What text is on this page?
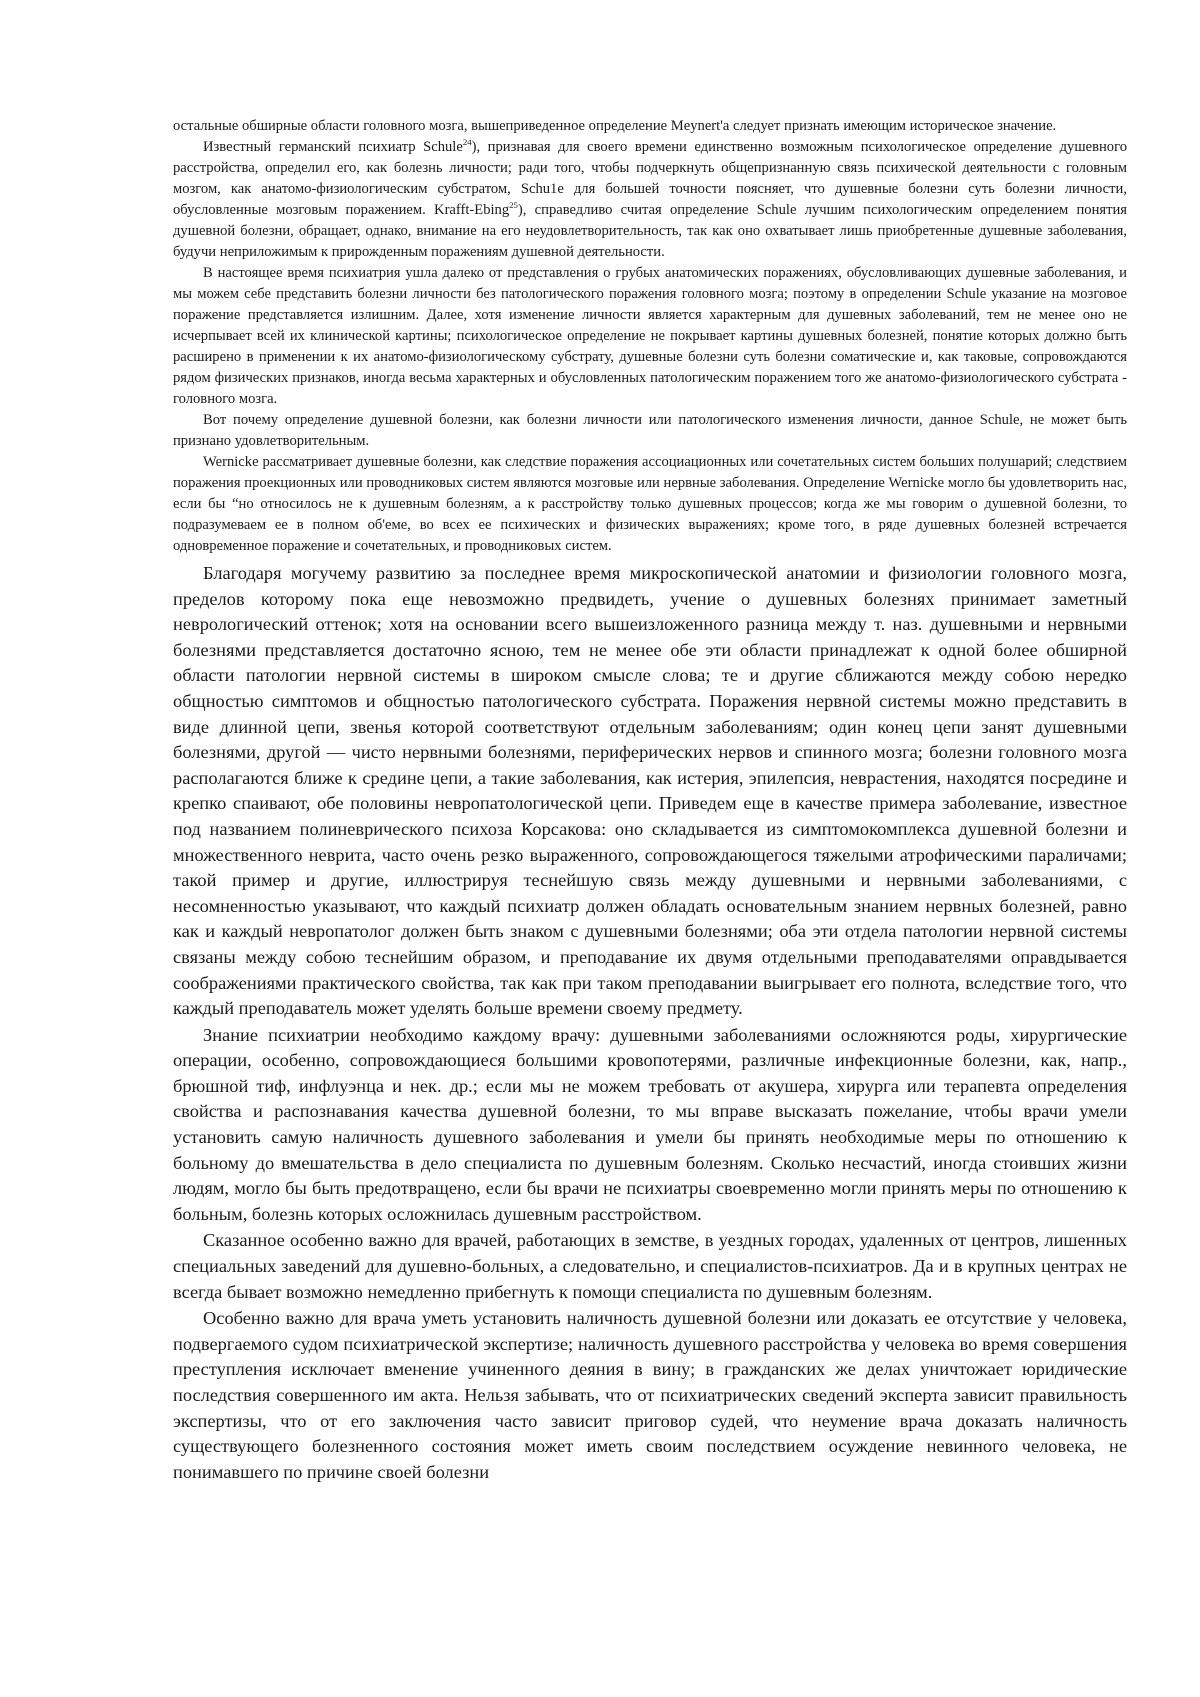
остальные обширные области головного мозга, вышеприведенное определение Meynert'a следует признать имеющим историческое значение.

Известный германский психиатр Schule$^{24}$), признавая для своего времени единственно возможным психологическое определение душевного расстройства, определил его, как болезнь личности; ради того, чтобы подчеркнуть общепризнанную связь психической деятельности с головным мозгом, как анатомо-физиологическим субстратом, Schu1e для большей точности поясняет, что душевные болезни суть болезни личности, обусловленные мозговым поражением. Krafft-Ebing$^{25}$), справедливо считая определение Schule лучшим психологическим определением понятия душевной болезни, обращает, однако, внимание на его неудовлетворительность, так как оно охватывает лишь приобретенные душевные заболевания, будучи неприложимым к прирожденным поражениям душевной деятельности.

В настоящее время психиатрия ушла далеко от представления о грубых анатомических поражениях, обусловливающих душевные заболевания, и мы можем себе представить болезни личности без патологического поражения головного мозга; поэтому в определении Schule указание на мозговое поражение представляется излишним. Далее, хотя изменение личности является характерным для душевных заболеваний, тем не менее оно не исчерпывает всей их клинической картины; психологическое определение не покрывает картины душевных болезней, понятие которых должно быть расширено в применении к их анатомо-физиологическому субстрату, душевные болезни суть болезни соматические и, как таковые, сопровождаются рядом физических признаков, иногда весьма характерных и обусловленных патологическим поражением того же анатомо-физиологического субстрата - головного мозга.

Вот почему определение душевной болезни, как болезни личности или патологического изменения личности, данное Schule, не может быть признано удовлетворительным.

Wernicke рассматривает душевные болезни, как следствие поражения ассоциационных или сочетательных систем больших полушарий; следствием поражения проекционных или проводниковых систем являются мозговые или нервные заболевания. Определение Wernicke могло бы удовлетворить нас, если бы “но относилось не к душевным болезням, а к расстройству только душевных процессов; когда же мы говорим о душевной болезни, то подразумеваем ее в полном об'еме, во всех ее психических и физических выражениях; кроме того, в ряде душевных болезней встречается одновременное поражение и сочетательных, и проводниковых систем.

Благодаря могучему развитию за последнее время микроскопической анатомии и физиологии головного мозга, пределов которому пока еще невозможно предвидеть, учение о душевных болезнях принимает заметный неврологический оттенок; хотя на основании всего вышеизложенного разница между т. наз. душевными и нервными болезнями представляется достаточно ясною, тем не менее обе эти области принадлежат к одной более обширной области патологии нервной системы в широком смысле слова; те и другие сближаются между собою нередко общностью симптомов и общностью патологического субстрата. Поражения нервной системы можно представить в виде длинной цепи, звенья которой соответствуют отдельным заболеваниям; один конец цепи занят душевными болезнями, другой — чисто нервными болезнями, периферических нервов и спинного мозга; болезни головного мозга располагаются ближе к средине цепи, а такие заболевания, как истерия, эпилепсия, неврастения, находятся посредине и крепко спаивают, обе половины невропатологической цепи. Приведем еще в качестве примера заболевание, известное под названием полиневрического психоза Корсакова: оно складывается из симптомокомплекса душевной болезни и множественного неврита, часто очень резко выраженного, сопровождающегося тяжелыми атрофическими параличами; такой пример и другие, иллюстрируя теснейшую связь между душевными и нервными заболеваниями, с несомненностью указывают, что каждый психиатр должен обладать основательным знанием нервных болезней, равно как и каждый невропатолог должен быть знаком с душевными болезнями; оба эти отдела патологии нервной системы связаны между собою теснейшим образом, и преподавание их двумя отдельными преподавателями оправдывается соображениями практического свойства, так как при таком преподавании выигрывает его полнота, вследствие того, что каждый преподаватель может уделять больше времени своему предмету.

Знание психиатрии необходимо каждому врачу: душевными заболеваниями осложняются роды, хирургические операции, особенно, сопровождающиеся большими кровопотерями, различные инфекционные болезни, как, напр., брюшной тиф, инфлуэнца и нек. др.; если мы не можем требовать от акушера, хирурга или терапевта определения свойства и распознавания качества душевной болезни, то мы вправе высказать пожелание, чтобы врачи умели установить самую наличность душевного заболевания и умели бы принять необходимые меры по отношению к больному до вмешательства в дело специалиста по душевным болезням. Сколько несчастий, иногда стоивших жизни людям, могло бы быть предотвращено, если бы врачи не психиатры своевременно могли принять меры по отношению к больным, болезнь которых осложнилась душевным расстройством.

Сказанное особенно важно для врачей, работающих в земстве, в уездных городах, удаленных от центров, лишенных специальных заведений для душевно-больных, а следовательно, и специалистов-психиатров. Да и в крупных центрах не всегда бывает возможно немедленно прибегнуть к помощи специалиста по душевным болезням.

Особенно важно для врача уметь установить наличность душевной болезни или доказать ее отсутствие у человека, подвергаемого судом психиатрической экспертизе; наличность душевного расстройства у человека во время совершения преступления исключает вменение учиненного деяния в вину; в гражданских же делах уничтожает юридические последствия совершенного им акта. Нельзя забывать, что от психиатрических сведений эксперта зависит правильность экспертизы, что от его заключения часто зависит приговор судей, что неумение врача доказать наличность существующего болезненного состояния может иметь своим последствием осуждение невинного человека, не понимавшего по причине своей болезни
